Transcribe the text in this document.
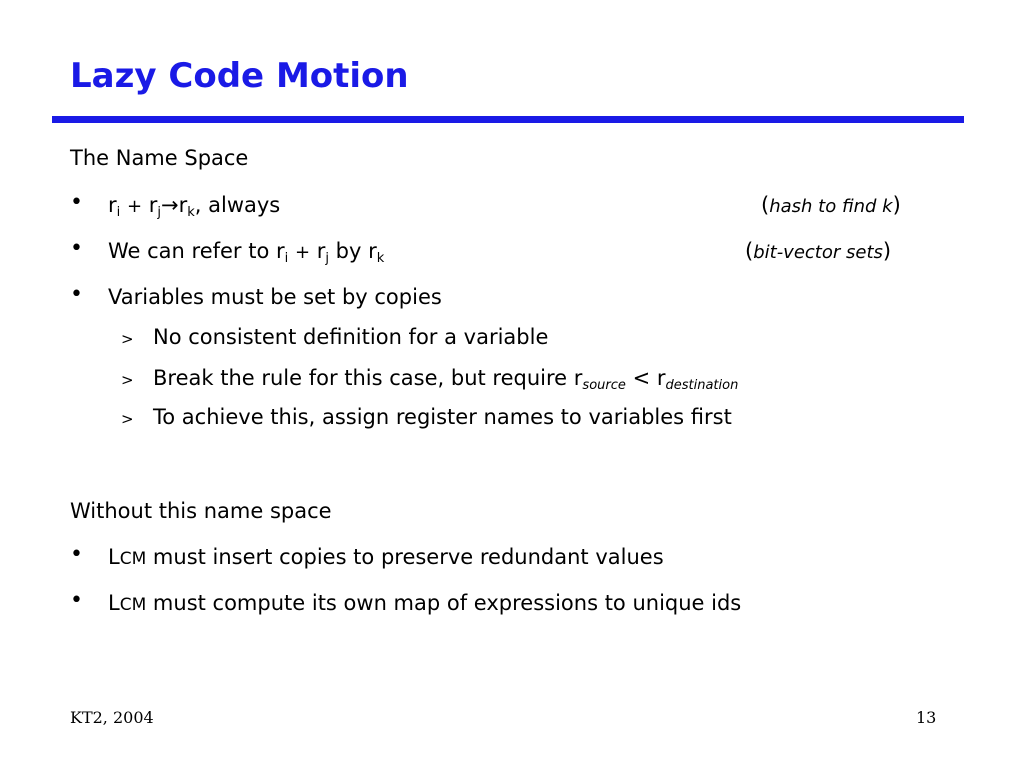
Lazy Code Motion
The Name Space
• $r_i + r_j\to r_k$, always	(hash to find k)
• We can refer to $r_i + r_j$ by $r_k$	(bit-vector sets)
• Variables must be set by copies
> No consistent definition for a variable
> Break the rule for this case, but require $r_{source} < r_{destination}$
> To achieve this, assign register names to variables first
Without this name space
• LCM must insert copies to preserve redundant values
• LCM must compute its own map of expressions to unique ids
KT2, 2004	13
